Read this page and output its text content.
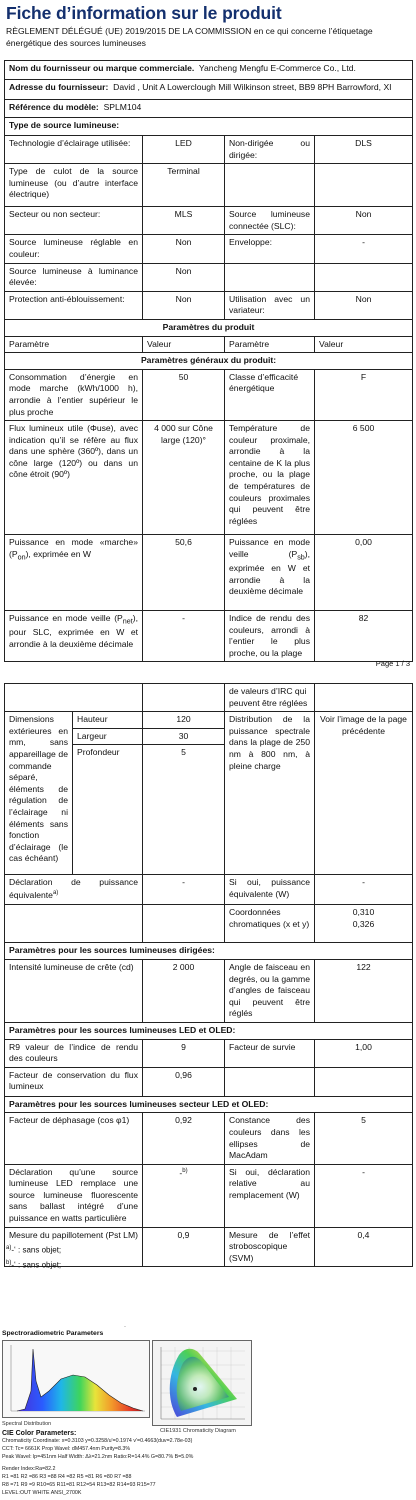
Fiche d’information sur le produit
RÈGLEMENT DÉLÉGUÉ (UE) 2019/2015 DE LA COMMISSION en ce qui concerne l’étiquetage énergétique des sources lumineuses
Nom du fournisseur ou marque commerciale. Yancheng Mengfu E-Commerce Co., Ltd.			
Adresse du fournisseur: David , Unit A Lowerclough Mill Wilkinson street, BB9 8PH Barrowford, XI			
Référence du modèle: SPLM104			
Type de source lumineuse:			
Technologie d’éclairage utilisée:	LED	Non-dirigée ou dirigée:	DLS
Type de culot de la source lumineuse (ou d’autre interface électrique)	Terminal		
Secteur ou non secteur:	MLS	Source lumineuse connectée (SLC):	Non
Source lumineuse réglable en couleur:	Non	Enveloppe:	-
Source lumineuse à luminance élevée:	Non		
Protection anti-éblouissement:	Non	Utilisation avec un variateur:	Non
Paramètres du produit			
Paramètre	Valeur	Paramètre	Valeur
Paramètres généraux du produit:			
Consommation d’énergie en mode marche (kWh/1000 h), arrondie à l’entier supérieur le plus proche	50	Classe d’efficacité énergétique	F
Flux lumineux utile (Φuse), avec indication qu’il se réfère au flux dans une sphère (360º), dans un cône large (120º) ou dans un cône étroit (90º)	4 000 sur Cône large (120)°	Température de couleur proximale, arrondie à la centaine de K la plus proche, ou la plage de températures de couleurs proximales qui peuvent être réglées	6 500
Puissance en mode «marche» $(P_{on})$, exprimée en W	50,6	Puissance en mode veille $(P_{sb})$, exprimée en W et arrondie à la deuxième décimale	0,00
Puissance en mode veille $(P_{net})$, pour SLC, exprimée en W et arrondie à la deuxième décimale	-	Indice de rendu des couleurs, arrondi à l’entier le plus proche, ou la plage	82
Page 1 / 3
			de valeurs d’IRC qui peuvent être réglées	
Dimensions extérieures en mm, sans appareillage de commande séparé, éléments de régulation de l’éclairage ni éléments sans fonction d’éclairage (le cas échéant)	Hauteur	120	Distribution de la puissance spectrale dans la plage de 250 nm à 800 nm, à pleine charge	Voir l’image de la page précédente
	Largeur	30		
	Profondeur	5		
Déclaration de puissance équivalente$^{a)}$		-	Si oui, puissance équivalente (W)	-
			Coordonnées chromatiques (x et y)	0,310
0,326

Paramètres pour les sources lumineuses dirigées:				
Intensité lumineuse de crête (cd)		2 000	Angle de faisceau en degrés, ou la gamme d’angles de faisceau qui peuvent être réglés	122
Paramètres pour les sources lumineuses LED et OLED:				
R9 valeur de l’indice de rendu des couleurs		9	Facteur de survie	1,00
Facteur de conservation du flux lumineux		0,96		
Paramètres pour les sources lumineuses secteur LED et OLED:				
Facteur de déphasage (cos φ1)		0,92	Constance des couleurs dans les ellipses de MacAdam	5
Déclaration qu’une source lumineuse LED remplace une source lumineuse fluorescente sans ballast intégré d’une puissance en watts particulière		-$^{b)}$	Si oui, déclaration relative au remplacement (W)	-
Mesure du papillotement (Pst LM)		0,9	Mesure de l’effet stroboscopique (SVM)	0,4
$^{a)}$-‘ : sans objet;
$^{b)}$-‘ : sans objet;
·
Spectroradiometric Parameters
Spectral Distribution
CIE1931 Chromaticity Diagram
CIE Color Parameters:
Chromaticity Coordinate: x=0.3103 y=0.3258/u'=0.1974 v'=0.4663(duv=2.78e-03)
CCT: Tc= 6661K Prop Wavel: dM457.4nm Purity=8.3%
Peak Wavel: lp=451nm Half Width: Δλ=21.2nm Ratio:R=14.4% G=80.7% B=5.0%
Render Index:Ra=82.2
R1 =81 R2 =86 R3 =88 R4 =82 R5 =81 R6 =80 R7 =88
R8 =71 R9 =9 R10=65 R11=81 R12=54 R13=82 R14=93 R15=77
LEVEL:OUT WHITE ANSI_2700K
